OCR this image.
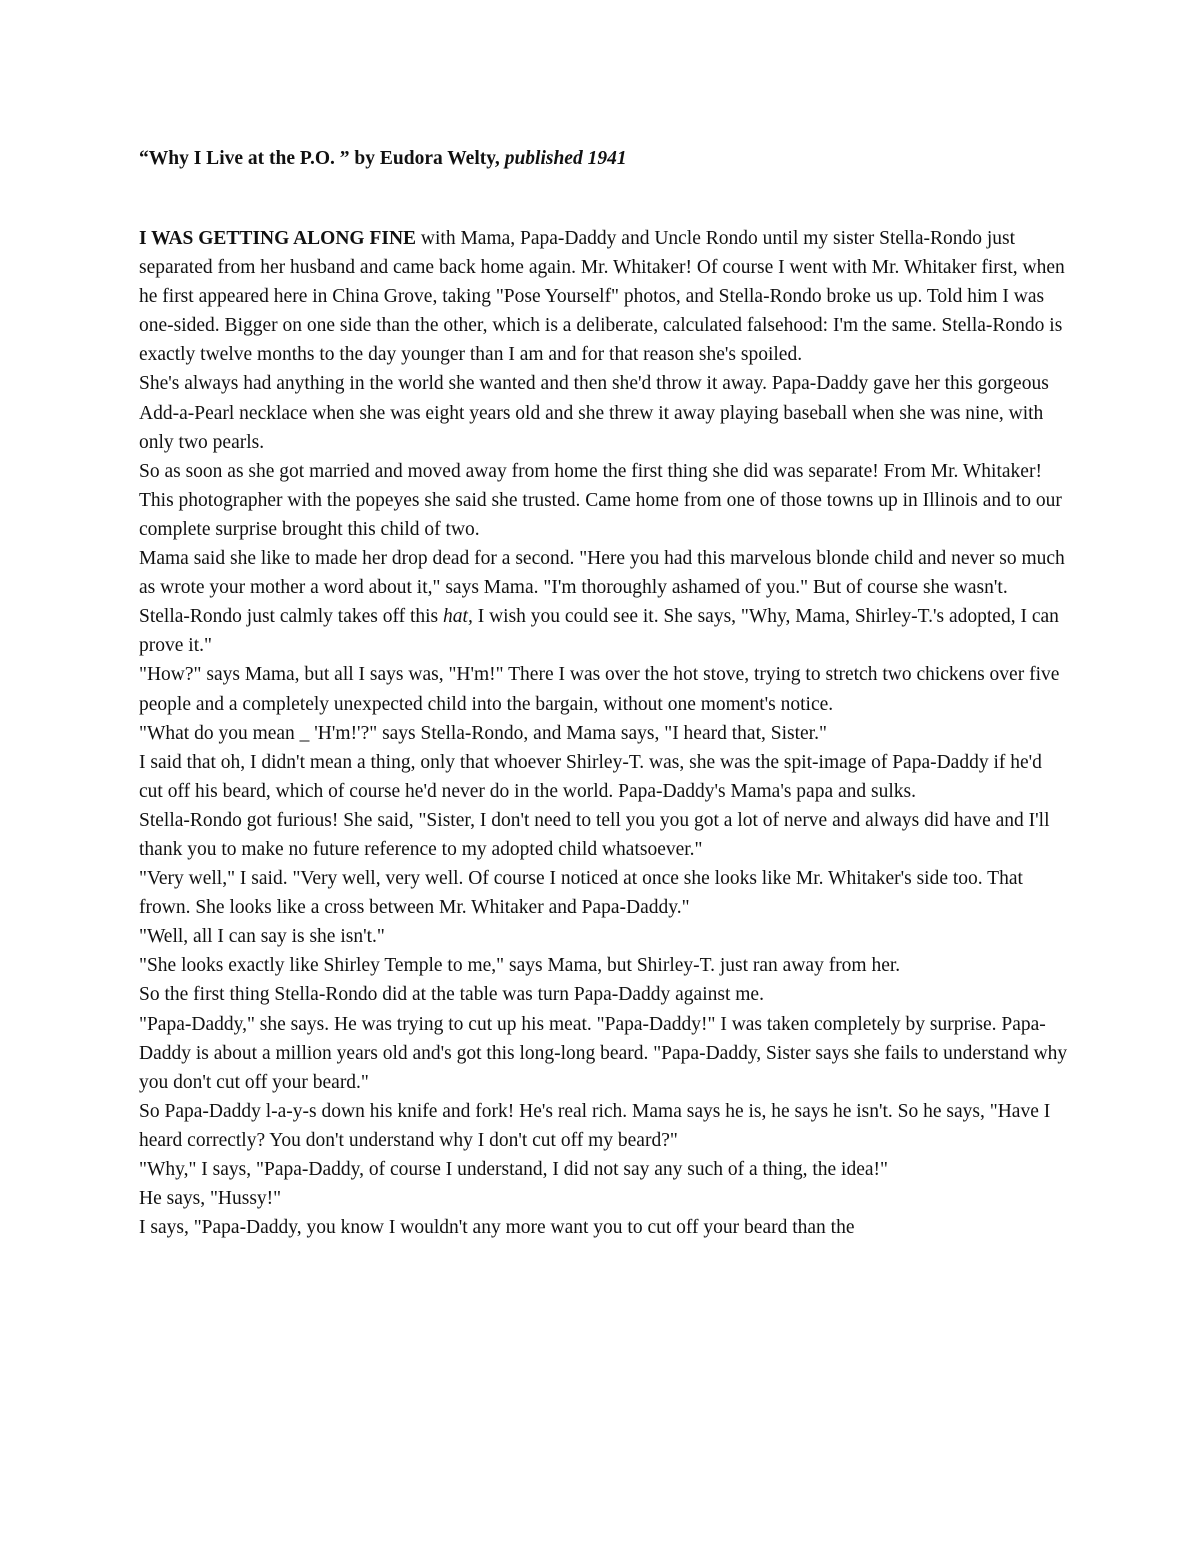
“Why I Live at the P.O. ” by Eudora Welty, published 1941

I WAS GETTING ALONG FINE with Mama, Papa-Daddy and Uncle Rondo until my sister Stella-Rondo just separated from her husband and came back home again. Mr. Whitaker! Of course I went with Mr. Whitaker first, when he first appeared here in China Grove, taking "Pose Yourself" photos, and Stella-Rondo broke us up. Told him I was one-sided. Bigger on one side than the other, which is a deliberate, calculated falsehood: I'm the same. Stella-Rondo is exactly twelve months to the day younger than I am and for that reason she's spoiled.

She's always had anything in the world she wanted and then she'd throw it away. Papa-Daddy gave her this gorgeous Add-a-Pearl necklace when she was eight years old and she threw it away playing baseball when she was nine, with only two pearls.

So as soon as she got married and moved away from home the first thing she did was separate! From Mr. Whitaker! This photographer with the popeyes she said she trusted. Came home from one of those towns up in Illinois and to our complete surprise brought this child of two.

Mama said she like to made her drop dead for a second. "Here you had this marvelous blonde child and never so much as wrote your mother a word about it," says Mama. "I'm thoroughly ashamed of you." But of course she wasn't.

Stella-Rondo just calmly takes off this hat, I wish you could see it. She says, "Why, Mama, Shirley-T.'s adopted, I can prove it."

"How?" says Mama, but all I says was, "H'm!" There I was over the hot stove, trying to stretch two chickens over five people and a completely unexpected child into the bargain, without one moment's notice.

"What do you mean _ 'H'm!'?" says Stella-Rondo, and Mama says, "I heard that, Sister."

I said that oh, I didn't mean a thing, only that whoever Shirley-T. was, she was the spit-image of Papa-Daddy if he'd cut off his beard, which of course he'd never do in the world. Papa-Daddy's Mama's papa and sulks.

Stella-Rondo got furious! She said, "Sister, I don't need to tell you you got a lot of nerve and always did have and I'll thank you to make no future reference to my adopted child whatsoever."

"Very well," I said. "Very well, very well. Of course I noticed at once she looks like Mr. Whitaker's side too. That frown. She looks like a cross between Mr. Whitaker and Papa-Daddy."

"Well, all I can say is she isn't."

"She looks exactly like Shirley Temple to me," says Mama, but Shirley-T. just ran away from her.

So the first thing Stella-Rondo did at the table was turn Papa-Daddy against me.

"Papa-Daddy," she says. He was trying to cut up his meat. "Papa-Daddy!" I was taken completely by surprise. Papa-Daddy is about a million years old and's got this long-long beard. "Papa-Daddy, Sister says she fails to understand why you don't cut off your beard."

So Papa-Daddy l-a-y-s down his knife and fork! He's real rich. Mama says he is, he says he isn't. So he says, "Have I heard correctly? You don't understand why I don't cut off my beard?"

"Why," I says, "Papa-Daddy, of course I understand, I did not say any such of a thing, the idea!"

He says, "Hussy!"

I says, "Papa-Daddy, you know I wouldn't any more want you to cut off your beard than the
